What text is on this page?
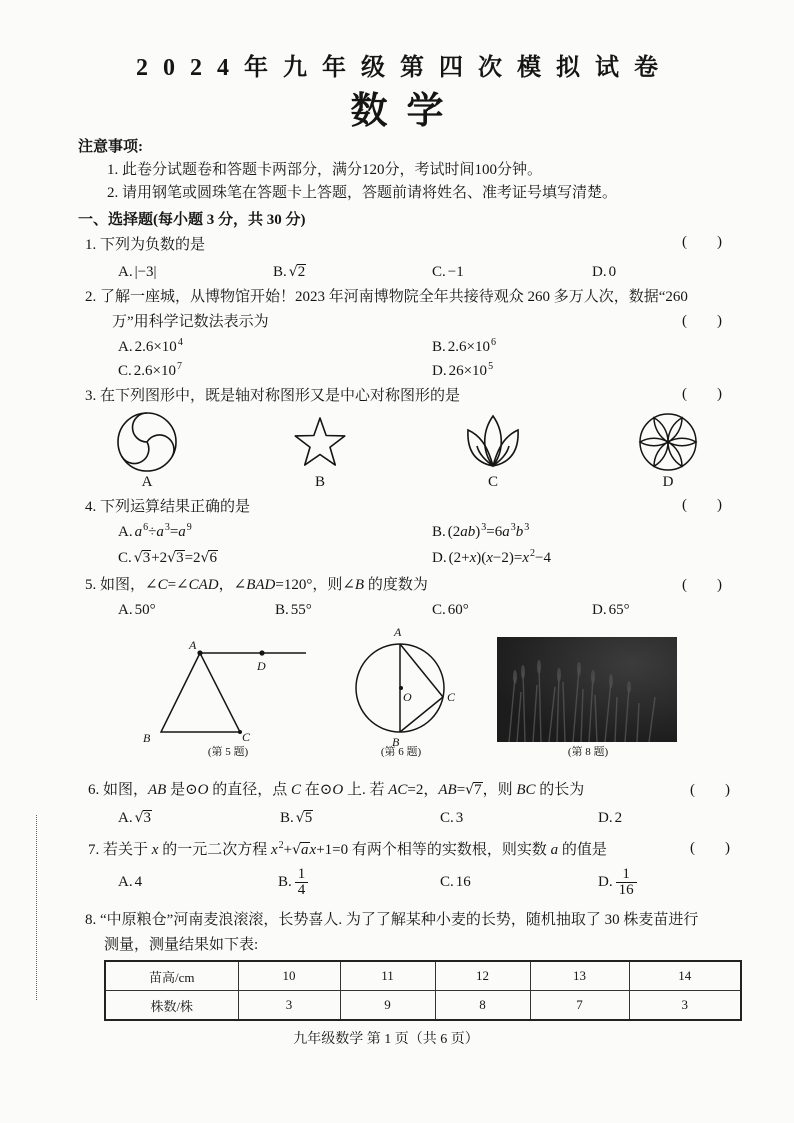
2024年九年级第四次模拟试卷
数学
注意事项:
1. 此卷分试题卷和答题卡两部分，满分120分，考试时间100分钟。
2. 请用钢笔或圆珠笔在答题卡上答题，答题前请将姓名、准考证号填写清楚。
一、选择题(每小题 3 分，共 30 分)
1. 下列为负数的是	(　　)
A. |−3|	B. √2	C. −1	D. 0
2. 了解一座城，从博物馆开始！2023 年河南博物院全年共接待观众 260 多万人次，数据“260
万”用科学记数法表示为	(　　)
A. $2.6\times 10^4$	B. $2.6\times 10^6$
C. $2.6\times 10^7$	D. $26\times 10^5$
3. 在下列图形中，既是轴对称图形又是中心对称图形的是	(　　)
A	B	C	D
4. 下列运算结果正确的是	(　　)
A. $a^6\div a^3=a^9$	B. $(2ab)^3=6a^3b^3$
C. √3+2√3=2√6	D. $(2+x)(x-2)=x^2-4$
5. 如图，∠C=∠CAD，∠BAD=120°，则∠B 的度数为	(　　)
A. 50°	B. 55°	C. 60°	D. 65°
A
D
B	C
(第 5 题)
A
O	C
B
(第 6 题)	(第 8 题)
6. 如图，AB 是⊙O 的直径，点 C 在⊙O 上. 若 AC=2，AB=√7，则 BC 的长为	(　　)
A. √3	B. √5	C. 3	D. 2
7. 若关于 x 的一元二次方程 $x^2+√ax+1=0$ 有两个相等的实数根，则实数 a 的值是	(　　)
A. 4	B. $\frac{1}{4}$	C. 16	D. $\frac{1}{16}$
8. “中原粮仓”河南麦浪滚滚，长势喜人. 为了了解某种小麦的长势，随机抽取了 30 株麦苗进行
测量，测量结果如下表:
苗高/cm	10	11	12	13	14
株数/株	3	9	8	7	3
九年级数学 第 1 页（共 6 页）
